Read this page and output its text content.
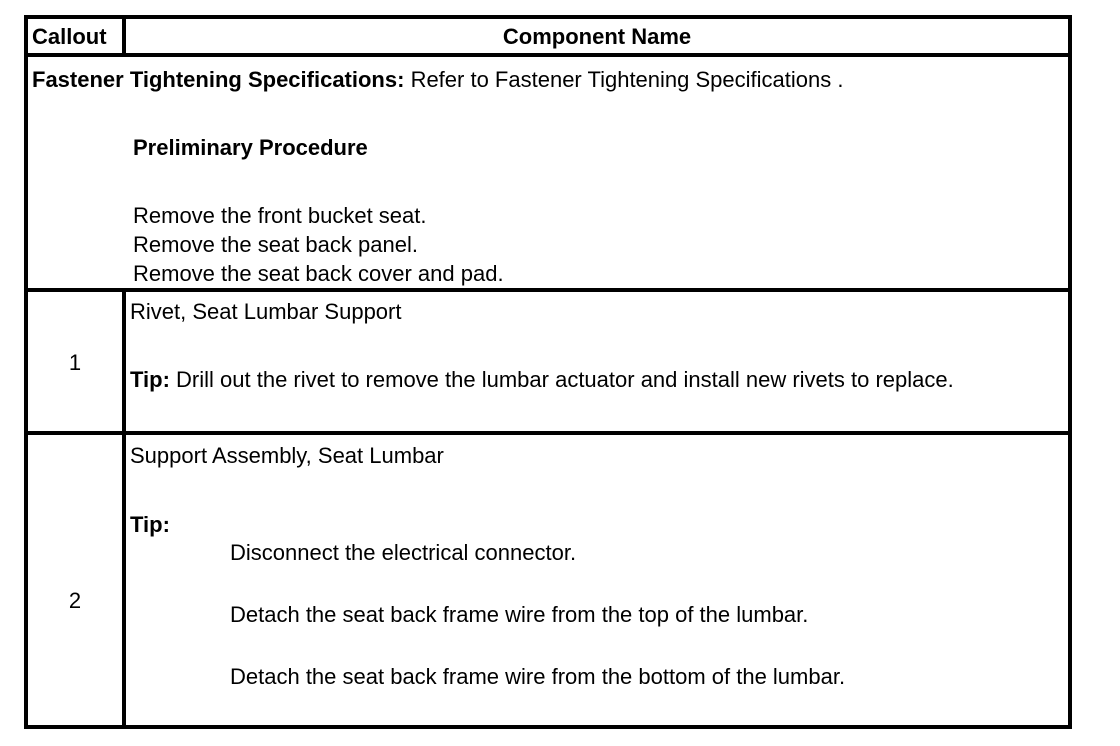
Callout	Component Name
Fastener Tightening Specifications: Refer to Fastener Tightening Specifications .
Preliminary Procedure
Remove the front bucket seat.
Remove the seat back panel.
Remove the seat back cover and pad.
1
Rivet, Seat Lumbar Support
Tip: Drill out the rivet to remove the lumbar actuator and install new rivets to replace.
2
Support Assembly, Seat Lumbar
Tip:
Disconnect the electrical connector.
Detach the seat back frame wire from the top of the lumbar.
Detach the seat back frame wire from the bottom of the lumbar.
